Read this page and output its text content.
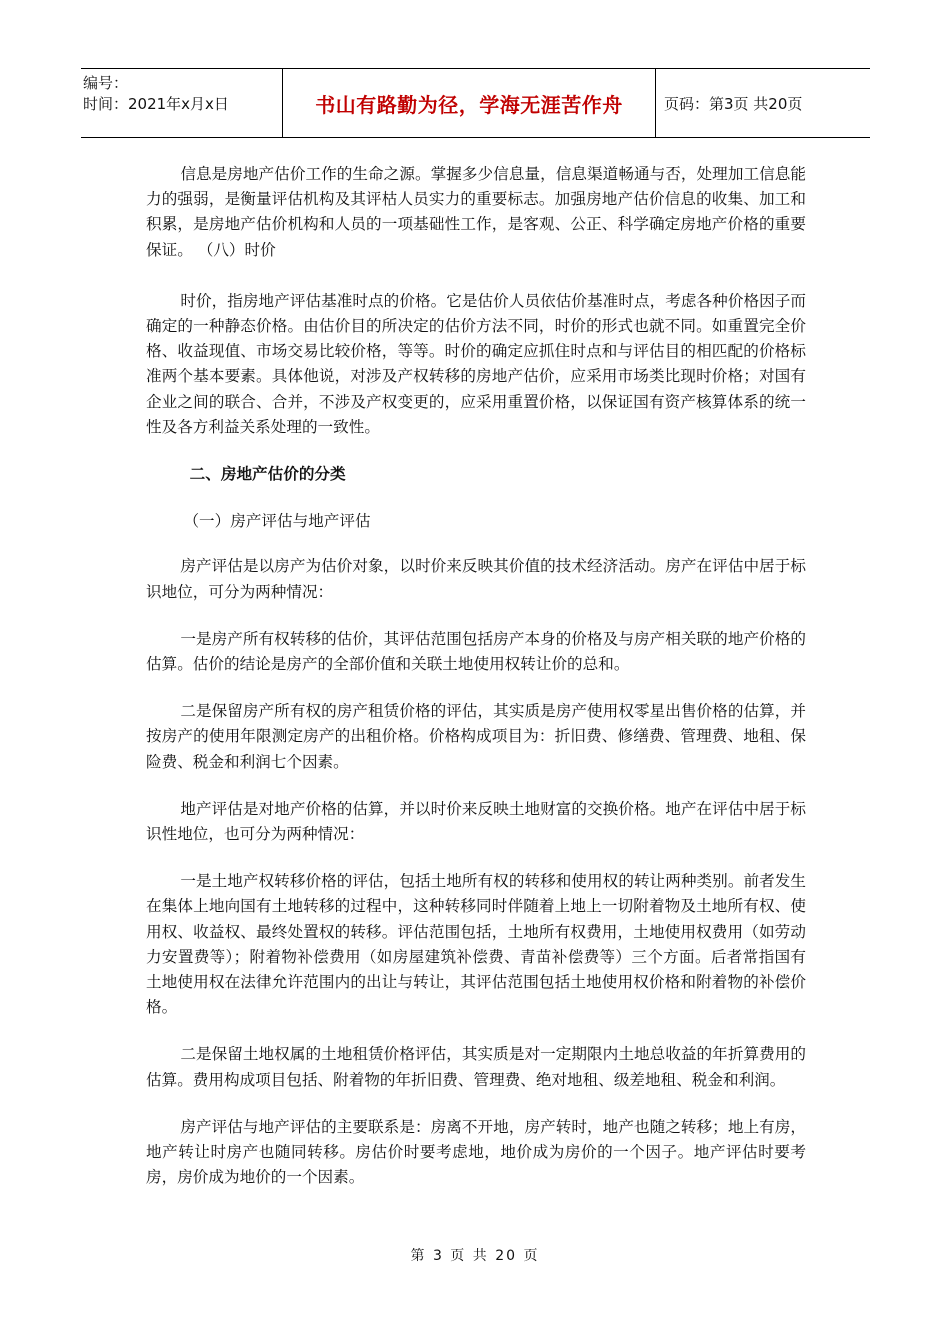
编号：
时间：2021年x月x日	书山有路勤为径，学海无涯苦作舟	页码：第3页 共20页

信息是房地产估价工作的生命之源。掌握多少信息量，信息渠道畅通与否，处理加工信息能力的强弱，是衡量评估机构及其评枯人员实力的重要标志。加强房地产估价信息的收集、加工和积累，是房地产估价机构和人员的一项基础性工作，是客观、公正、科学确定房地产价格的重要保证。 （八）时价

时价，指房地产评估基准时点的价格。它是估价人员依估价基准时点，考虑各种价格因子而确定的一种静态价格。由估价目的所决定的估价方法不同，时价的形式也就不同。如重置完全价格、收益现值、市场交易比较价格，等等。时价的确定应抓住时点和与评估目的相匹配的价格标准两个基本要素。具体他说，对涉及产权转移的房地产估价，应采用市场类比现时价格；对国有企业之间的联合、合并，不涉及产权变更的，应采用重置价格，以保证国有资产核算体系的统一性及各方利益关系处理的一致性。

二、房地产估价的分类

（一）房产评估与地产评估

房产评估是以房产为估价对象，以时价来反映其价值的技术经济活动。房产在评估中居于标识地位，可分为两种情况：

一是房产所有权转移的估价，其评估范围包括房产本身的价格及与房产相关联的地产价格的估算。估价的结论是房产的全部价值和关联土地使用权转让价的总和。

二是保留房产所有权的房产租赁价格的评估，其实质是房产使用权零星出售价格的估算，并按房产的使用年限测定房产的出租价格。价格构成项目为：折旧费、修缮费、管理费、地租、保险费、税金和利润七个因素。

地产评估是对地产价格的估算，并以时价来反映土地财富的交换价格。地产在评估中居于标识性地位，也可分为两种情况：

一是土地产权转移价格的评估，包括土地所有权的转移和使用权的转让两种类别。前者发生在集体上地向国有土地转移的过程中，这种转移同时伴随着上地上一切附着物及土地所有权、使用权、收益权、最终处置权的转移。评估范围包括，土地所有权费用，土地使用权费用（如劳动力安置费等）；附着物补偿费用（如房屋建筑补偿费、青苗补偿费等）三个方面。后者常指国有土地使用权在法律允许范围内的出让与转让，其评估范围包括土地使用权价格和附着物的补偿价格。

二是保留土地权属的土地租赁价格评估，其实质是对一定期限内土地总收益的年折算费用的估算。费用构成项目包括、附着物的年折旧费、管理费、绝对地租、级差地租、税金和利润。

房产评估与地产评估的主要联系是：房离不开地，房产转时，地产也随之转移；地上有房，地产转让时房产也随同转移。房估价时要考虑地，地价成为房价的一个因子。地产评估时要考房，房价成为地价的一个因素。

第 3 页 共 20 页
